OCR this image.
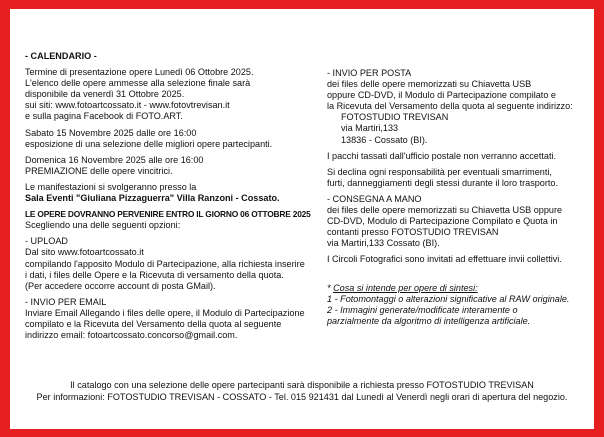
- CALENDARIO -

Termine di presentazione opere Lunedì 06 Ottobre 2025.

L'elenco delle opere ammesse alla selezione finale sarà

disponibile da venerdì 31 Ottobre 2025.

sui siti: www.fotoartcossato.it - www.fotovtrevisan.it

e sulla pagina Facebook di FOTO.ART.

Sabato 15 Novembre 2025 dalle ore 16:00

esposizione di una selezione delle migliori opere partecipanti.

Domenica 16 Novembre 2025 alle ore 16:00

PREMIAZIONE delle opere vincitrici.

Le manifestazioni si svolgeranno presso la

Sala Eventi "Giuliana Pizzaguerra" Villa Ranzoni - Cossato.

LE OPERE DOVRANNO PERVENIRE ENTRO IL GIORNO 06 OTTOBRE 2025

Scegliendo una delle seguenti opzioni:

- UPLOAD

Dal sito www.fotoartcossato.it

compilando l'apposito Modulo di Partecipazione, alla richiesta inserire

i dati, i files delle Opere e la Ricevuta di versamento della quota.

(Per accedere occorre account di posta GMail).

- INVIO PER EMAIL

Inviare Email Allegando i files delle opere, il Modulo di Partecipazione

compilato e la Ricevuta del Versamento della quota al seguente

indirizzo email: fotoartcossato.concorso@gmail.com.

- INVIO PER POSTA

dei files delle opere memorizzati su Chiavetta USB

oppure CD-DVD, il Modulo di Partecipazione compilato e

la Ricevuta del Versamento della quota al seguente indirizzo:

FOTOSTUDIO TREVISAN

via Martiri,133

13836 - Cossato (BI).

I pacchi tassati dall'ufficio postale non verranno accettati.

Si declina ogni responsabilità per eventuali smarrimenti,

furti, danneggiamenti degli stessi durante il loro trasporto.

- CONSEGNA A MANO

dei files delle opere memorizzati su Chiavetta USB oppure

CD-DVD, Modulo di Partecipazione Compilato e Quota in

contanti presso FOTOSTUDIO TREVISAN

via Martiri,133 Cossato (BI).

I Circoli Fotografici sono invitati ad effettuare invii collettivi.

* Cosa si intende per opere di sintesi:

1 - Fotomontaggi o alterazioni significative al RAW originale.

2 - Immagini generate/modificate interamente o

parzialmente da algoritmo di intelligenza artificiale.

Il catalogo con una selezione delle opere partecipanti sarà disponibile a richiesta presso FOTOSTUDIO TREVISAN

Per informazioni: FOTOSTUDIO TREVISAN - COSSATO - Tel. 015 921431 dal Lunedì al Venerdì negli orari di apertura del negozio.
